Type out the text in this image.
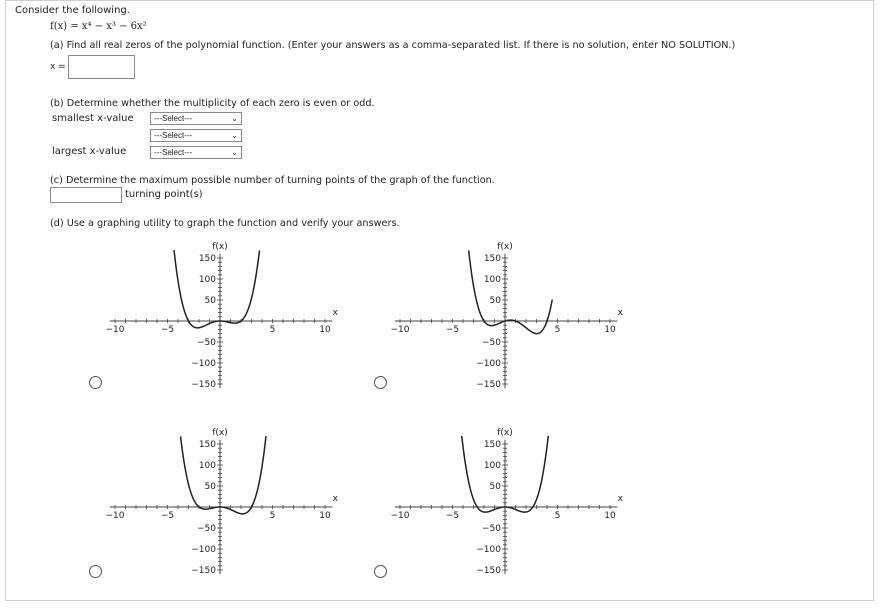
Consider the following.
f(x) = x⁴ − x³ − 6x²
(a) Find all real zeros of the polynomial function. (Enter your answers as a comma-separated list. If there is no solution, enter NO SOLUTION.)
x =
(b) Determine whether the multiplicity of each zero is even or odd.
smallest x-value	---Select---	⌄
---Select---	⌄
largest x-value	---Select---	⌄
(c) Determine the maximum possible number of turning points of the graph of the function.
turning point(s)
(d) Use a graphing utility to graph the function and verify your answers.
−10	−5	5	10
150
100
50
−50
−100
−150
f(x)
x
−10	−5	5	10
150
100
50
−50
−100
−150
f(x)
x
−10	−5	5	10
150
100
50
−50
−100
−150
f(x)
x
−10	−5	5	10
150
100
50
−50
−100
−150
f(x)
x
